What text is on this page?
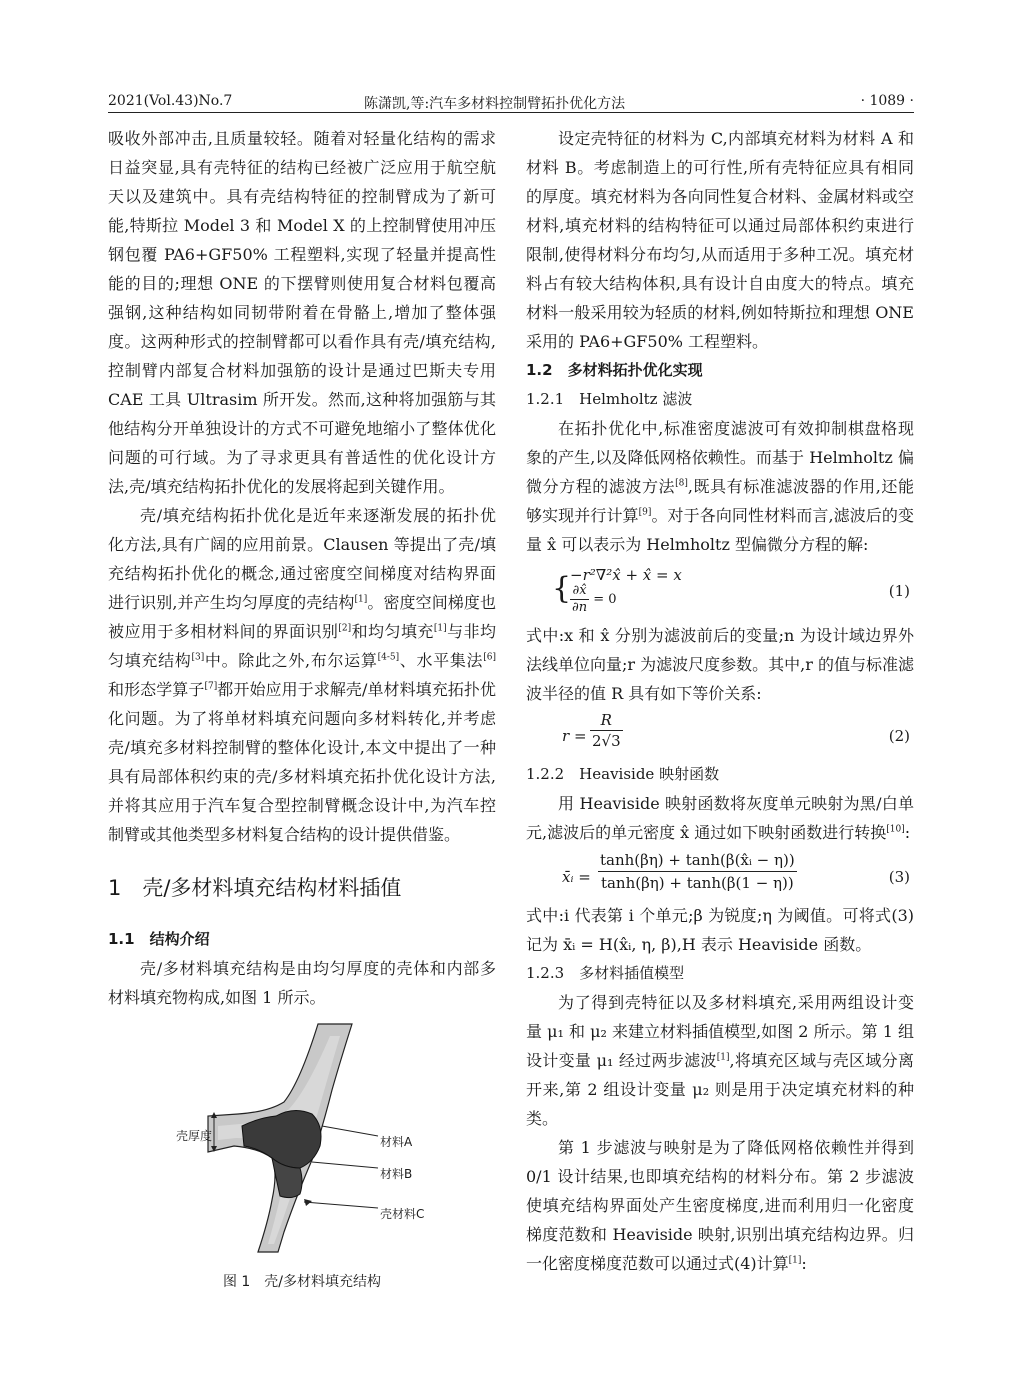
2021(Vol.43)No.7	陈潇凯,等:汽车多材料控制臂拓扑优化方法	· 1089 ·

吸收外部冲击,且质量较轻。随着对轻量化结构的需求日益突显,具有壳特征的结构已经被广泛应用于航空航天以及建筑中。具有壳结构特征的控制臂成为了新可能,特斯拉 Model 3 和 Model X 的上控制臂使用冲压钢包覆 PA6+GF50% 工程塑料,实现了轻量并提高性能的目的;理想 ONE 的下摆臂则使用复合材料包覆高强钢,这种结构如同韧带附着在骨骼上,增加了整体强度。这两种形式的控制臂都可以看作具有壳/填充结构,控制臂内部复合材料加强筋的设计是通过巴斯夫专用 CAE 工具 Ultrasim 所开发。然而,这种将加强筋与其他结构分开单独设计的方式不可避免地缩小了整体优化问题的可行域。为了寻求更具有普适性的优化设计方法,壳/填充结构拓扑优化的发展将起到关键作用。

壳/填充结构拓扑优化是近年来逐渐发展的拓扑优化方法,具有广阔的应用前景。Clausen 等提出了壳/填充结构拓扑优化的概念,通过密度空间梯度对结构界面进行识别,并产生均匀厚度的壳结构[1]。密度空间梯度也被应用于多相材料间的界面识别[2]和均匀填充[1]与非均匀填充结构[3]中。除此之外,布尔运算[4-5]、水平集法[6]和形态学算子[7]都开始应用于求解壳/单材料填充拓扑优化问题。为了将单材料填充问题向多材料转化,并考虑壳/填充多材料控制臂的整体化设计,本文中提出了一种具有局部体积约束的壳/多材料填充拓扑优化设计方法,并将其应用于汽车复合型控制臂概念设计中,为汽车控制臂或其他类型多材料复合结构的设计提供借鉴。

1　壳/多材料填充结构材料插值
1.1　结构介绍

壳/多材料填充结构是由均匀厚度的壳体和内部多材料填充物构成,如图 1 所示。

壳厚度	材料A
材料B
壳材料C
图 1　壳/多材料填充结构

设定壳特征的材料为 C,内部填充材料为材料 A 和材料 B。考虑制造上的可行性,所有壳特征应具有相同的厚度。填充材料为各向同性复合材料、金属材料或空材料,填充材料的结构特征可以通过局部体积约束进行限制,使得材料分布均匀,从而适用于多种工况。填充材料占有较大结构体积,具有设计自由度大的特点。填充材料一般采用较为轻质的材料,例如特斯拉和理想 ONE 采用的 PA6+GF50% 工程塑料。

1.2　多材料拓扑优化实现
1.2.1　Helmholtz 滤波

在拓扑优化中,标准密度滤波可有效抑制棋盘格现象的产生,以及降低网格依赖性。而基于 Helmholtz 偏微分方程的滤波方法[8],既具有标准滤波器的作用,还能够实现并行计算[9]。对于各向同性材料而言,滤波后的变量 x̂ 可以表示为 Helmholtz 型偏微分方程的解:

{
−r²∇²x̂ + x̂ = x
$\frac{\partial x̂}{\partial n} = 0$	(1)

式中:x 和 x̂ 分别为滤波前后的变量;n 为设计域边界外法线单位向量;r 为滤波尺度参数。其中,r 的值与标准滤波半径的值 R 具有如下等价关系:

$r = \frac{R}{2√3}$	(2)
1.2.2　Heaviside 映射函数

用 Heaviside 映射函数将灰度单元映射为黑/白单元,滤波后的单元密度 x̂ 通过如下映射函数进行转换[10]:

x̄ᵢ = $\frac{\text{tanh(βη) + tanh(β(x̂ᵢ − η))}}{\tanh(\beta\eta) + \tanh(\beta(1 - \eta))}$	(3)

式中:i 代表第 i 个单元;β 为锐度;η 为阈值。可将式(3)记为 x̄ᵢ = H(x̂ᵢ, η, β),H 表示 Heaviside 函数。

1.2.3　多材料插值模型

为了得到壳特征以及多材料填充,采用两组设计变量 μ₁ 和 μ₂ 来建立材料插值模型,如图 2 所示。第 1 组设计变量 μ₁ 经过两步滤波[1],将填充区域与壳区域分离开来,第 2 组设计变量 μ₂ 则是用于决定填充材料的种类。

第 1 步滤波与映射是为了降低网格依赖性并得到 0/1 设计结果,也即填充结构的材料分布。第 2 步滤波使填充结构界面处产生密度梯度,进而利用归一化密度梯度范数和 Heaviside 映射,识别出填充结构边界。归一化密度梯度范数可以通过式(4)计算[1]:
